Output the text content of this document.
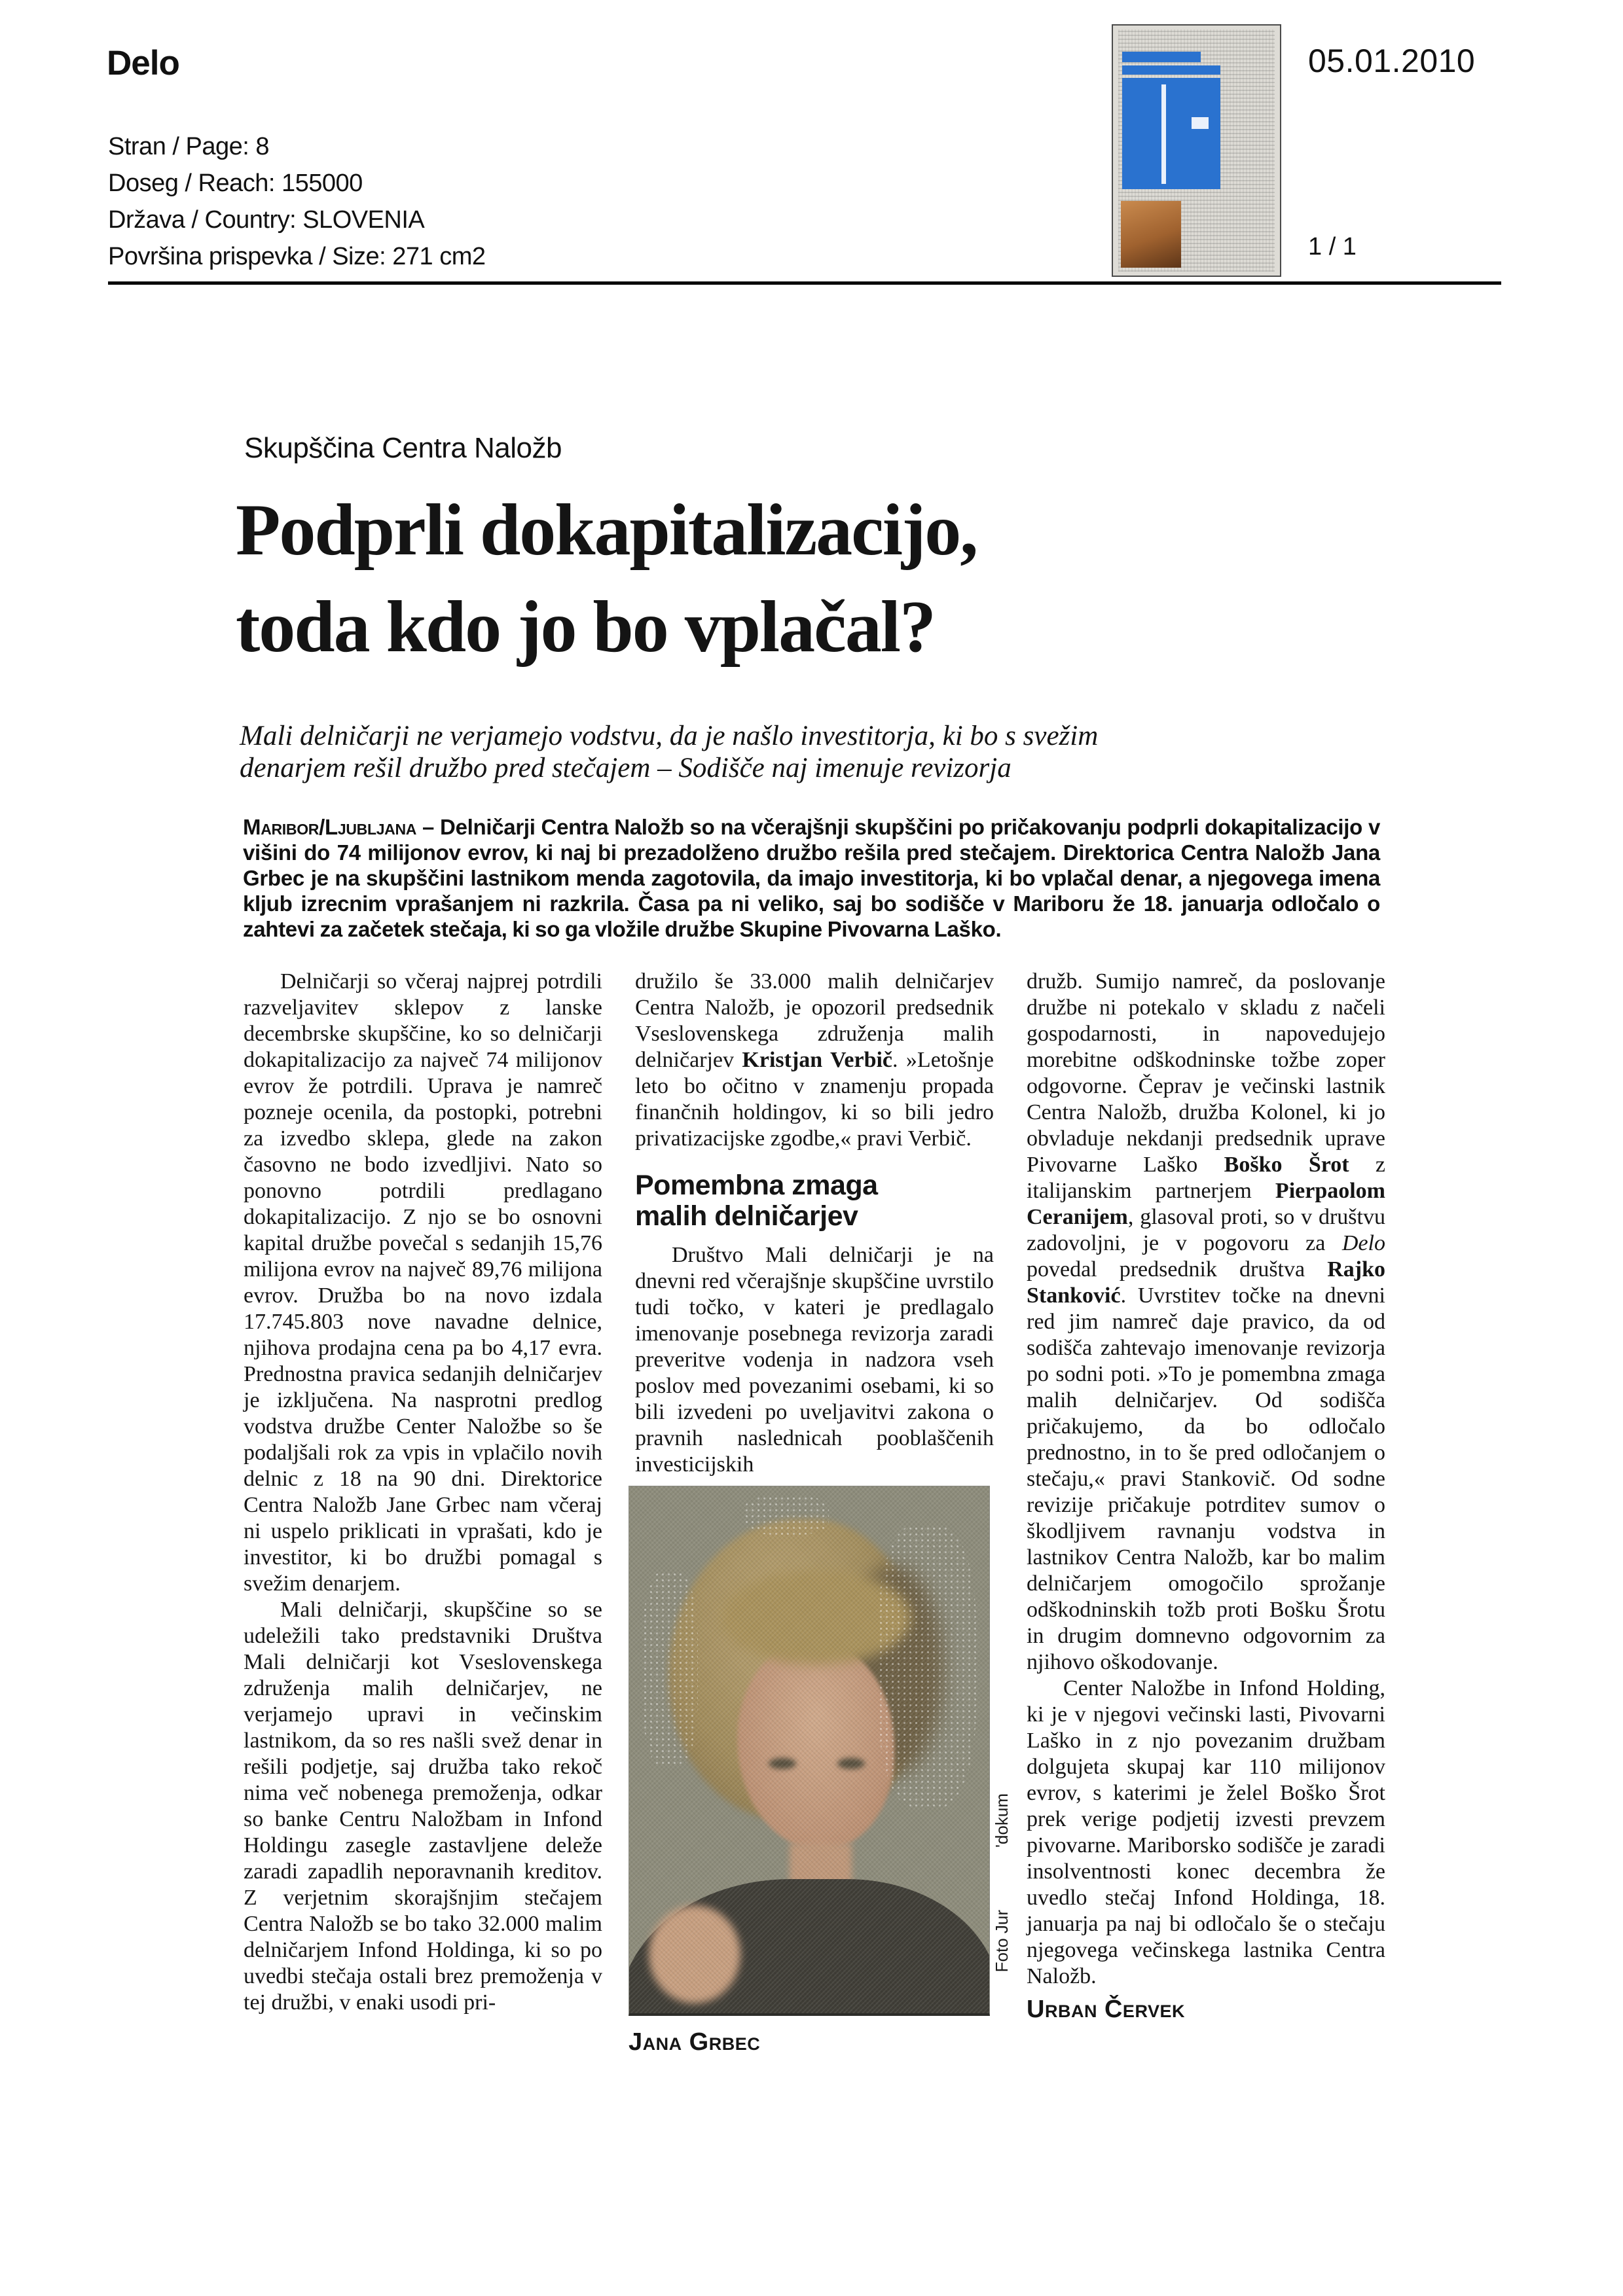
Delo	05.01.2010
Stran / Page: 8
Doseg / Reach: 155000
Država / Country: SLOVENIA
Površina prispevka / Size: 271 cm2	1 / 1
Skupščina Centra Naložb
Podprli dokapitalizacijo,
toda kdo jo bo vplačal?
Mali delničarji ne verjamejo vodstvu, da je našlo investitorja, ki bo s svežim
denarjem rešil družbo pred stečajem – Sodišče naj imenuje revizorja
Maribor/Ljubljana – Delničarji Centra Naložb so na včerajšnji skupščini po pričakovanju podprli dokapitalizacijo v višini do 74 milijonov evrov, ki naj bi prezadolženo družbo rešila pred stečajem. Direktorica Centra Naložb Jana Grbec je na skupščini lastnikom menda zagotovila, da imajo investitorja, ki bo vplačal denar, a njegovega imena kljub izrecnim vprašanjem ni razkrila. Časa pa ni veliko, saj bo sodišče v Mariboru že 18. januarja odločalo o zahtevi za začetek stečaja, ki so ga vložile družbe Skupine Pivovarna Laško.

Delničarji so včeraj najprej potrdili razveljavitev sklepov z lanske decembrske skupščine, ko so delničarji dokapitalizacijo za največ 74 milijonov evrov že potrdili. Uprava je namreč pozneje ocenila, da postopki, potrebni za izvedbo sklepa, glede na zakon časovno ne bodo izvedljivi. Nato so ponovno potrdili predlagano dokapitalizacijo. Z njo se bo osnovni kapital družbe povečal s sedanjih 15,76 milijona evrov na največ 89,76 milijona evrov. Družba bo na novo izdala 17.745.803 nove navadne delnice, njihova prodajna cena pa bo 4,17 evra. Prednostna pravica sedanjih delničarjev je izključena. Na nasprotni predlog vodstva družbe Center Naložbe so še podaljšali rok za vpis in vplačilo novih delnic z 18 na 90 dni. Direktorice Centra Naložb Jane Grbec nam včeraj ni uspelo priklicati in vprašati, kdo je investitor, ki bo družbi pomagal s svežim denarjem.

Mali delničarji, skupščine so se udeležili tako predstavniki Društva Mali delničarji kot Vseslovenskega združenja malih delničarjev, ne verjamejo upravi in večinskim lastnikom, da so res našli svež denar in rešili podjetje, saj družba tako rekoč nima več nobenega premoženja, odkar so banke Centru Naložbam in Infond Holdingu zasegle zastavljene deleže zaradi zapadlih neporavnanih kreditov. Z verjetnim skorajšnjim stečajem Centra Naložb se bo tako 32.000 malim delničarjem Infond Holdinga, ki so po uvedbi stečaja ostali brez premoženja v tej družbi, v enaki usodi pri-

družilo še 33.000 malih delničarjev Centra Naložb, je opozoril predsednik Vseslovenskega združenja malih delničarjev Kristjan Verbič. »Letošnje leto bo očitno v znamenju propada finančnih holdingov, ki so bili jedro privatizacijske zgodbe,« pravi Verbič.

Pomembna zmaga
malih delničarjev

Društvo Mali delničarji je na dnevni red včerajšnje skupščine uvrstilo tudi točko, v kateri je predlagalo imenovanje posebnega revizorja zaradi preveritve vodenja in nadzora vseh poslov med povezanimi osebami, ki so bili izvedeni po uveljavitvi zakona o pravnih naslednicah pooblaščenih investicijskih

'dokum
Foto Jur
Jana Grbec

družb. Sumijo namreč, da poslovanje družbe ni potekalo v skladu z načeli gospodarnosti, in napovedujejo morebitne odškodninske tožbe zoper odgovorne. Čeprav je večinski lastnik Centra Naložb, družba Kolonel, ki jo obvladuje nekdanji predsednik uprave Pivovarne Laško Boško Šrot z italijanskim partnerjem Pierpaolom Ceranijem, glasoval proti, so v društvu zadovoljni, je v pogovoru za Delo povedal predsednik društva Rajko Stanković. Uvrstitev točke na dnevni red jim namreč daje pravico, da od sodišča zahtevajo imenovanje revizorja po sodni poti. »To je pomembna zmaga malih delničarjev. Od sodišča pričakujemo, da bo odločalo prednostno, in to še pred odločanjem o stečaju,« pravi Stankovič. Od sodne revizije pričakuje potrditev sumov o škodljivem ravnanju vodstva in lastnikov Centra Naložb, kar bo malim delničarjem omogočilo sprožanje odškodninskih tožb proti Bošku Šrotu in drugim domnevno odgovornim za njihovo oškodovanje.

Center Naložbe in Infond Holding, ki je v njegovi večinski lasti, Pivovarni Laško in z njo povezanim družbam dolgujeta skupaj kar 110 milijonov evrov, s katerimi je želel Boško Šrot prek verige podjetij izvesti prevzem pivovarne. Mariborsko sodišče je zaradi insolventnosti konec decembra že uvedlo stečaj Infond Holdinga, 18. januarja pa naj bi odločalo še o stečaju njegovega večinskega lastnika Centra Naložb.

Urban Červek
